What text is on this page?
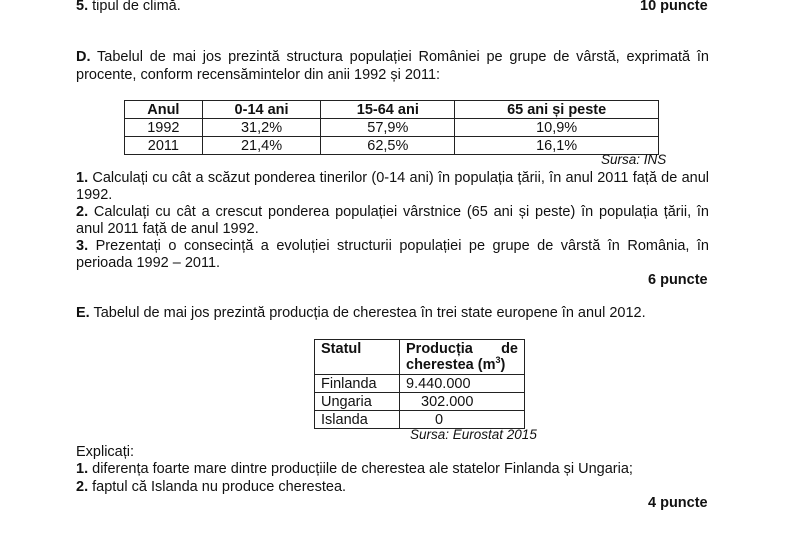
5. tipul de climă.	10 puncte
D. Tabelul de mai jos prezintă structura populației României pe grupe de vârstă, exprimată în
procente, conform recensămintelor din anii 1992 și 2011:
Anul	0-14 ani	15-64 ani	65 ani și peste
1992	31,2%	57,9%	10,9%
2011	21,4%	62,5%	16,1%
Sursa: INS
1. Calculați cu cât a scăzut ponderea tinerilor (0-14 ani) în populația țării, în anul 2011 față de anul
1992.
2. Calculați cu cât a crescut ponderea populației vârstnice (65 ani și peste) în populația țării, în
anul 2011 față de anul 1992.
3. Prezentați o consecință a evoluției structurii populației pe grupe de vârstă în România, în
perioada 1992 – 2011.
6 puncte
E. Tabelul de mai jos prezintă producția de cherestea în trei state europene în anul 2012.
Statul	Producția de
cherestea $(m^3)$

Finlanda	9.440.000
Ungaria	302.000
Islanda	0
Sursa: Eurostat 2015
Explicați:
1. diferența foarte mare dintre producțiile de cherestea ale statelor Finlanda și Ungaria;
2. faptul că Islanda nu produce cherestea.
4 puncte
